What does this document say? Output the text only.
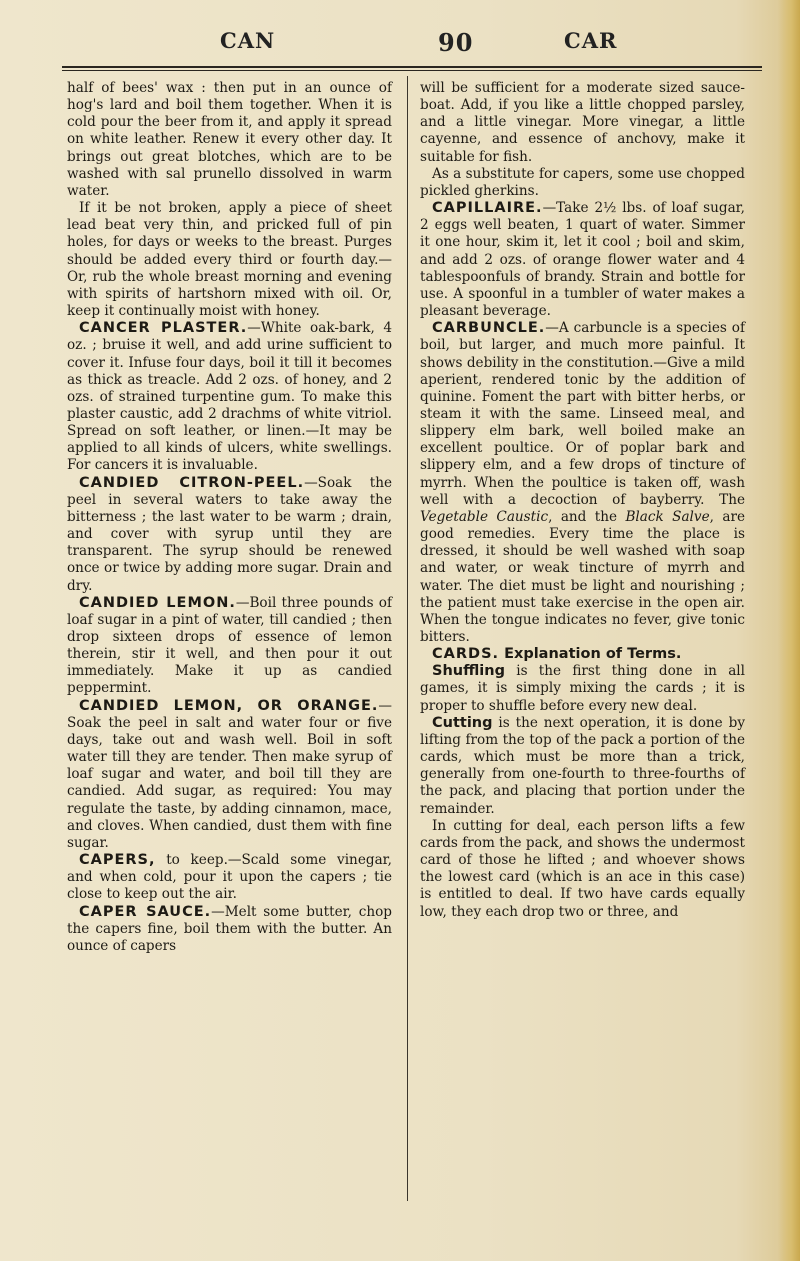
CAN	90	CAR

half of bees' wax : then put in an ounce of hog's lard and boil them together. When it is cold pour the beer from it, and apply it spread on white leather. Renew it every other day. It brings out great blotches, which are to be washed with sal prunello dissolved in warm water.

If it be not broken, apply a piece of sheet lead beat very thin, and pricked full of pin holes, for days or weeks to the breast. Purges should be added every third or fourth day.—Or, rub the whole breast morning and evening with spirits of hartshorn mixed with oil. Or, keep it continually moist with honey.

CANCER PLASTER.—White oak-bark, 4 oz. ; bruise it well, and add urine sufficient to cover it. Infuse four days, boil it till it becomes as thick as treacle. Add 2 ozs. of honey, and 2 ozs. of strained turpentine gum. To make this plaster caustic, add 2 drachms of white vitriol. Spread on soft leather, or linen.—It may be applied to all kinds of ulcers, white swellings. For cancers it is invaluable.

CANDIED CITRON-PEEL.—Soak the peel in several waters to take away the bitterness ; the last water to be warm ; drain, and cover with syrup until they are transparent. The syrup should be renewed once or twice by adding more sugar. Drain and dry.

CANDIED LEMON.—Boil three pounds of loaf sugar in a pint of water, till candied ; then drop sixteen drops of essence of lemon therein, stir it well, and then pour it out immediately. Make it up as candied peppermint.

CANDIED LEMON, OR ORANGE.—Soak the peel in salt and water four or five days, take out and wash well. Boil in soft water till they are tender. Then make syrup of loaf sugar and water, and boil till they are candied. Add sugar, as required: You may regulate the taste, by adding cinnamon, mace, and cloves. When candied, dust them with fine sugar.

CAPERS, to keep.—Scald some vinegar, and when cold, pour it upon the capers ; tie close to keep out the air.

CAPER SAUCE.—Melt some butter, chop the capers fine, boil them with the butter. An ounce of capers

will be sufficient for a moderate sized sauce-boat. Add, if you like a little chopped parsley, and a little vinegar. More vinegar, a little cayenne, and essence of anchovy, make it suitable for fish.

As a substitute for capers, some use chopped pickled gherkins.

CAPILLAIRE.—Take 2½ lbs. of loaf sugar, 2 eggs well beaten, 1 quart of water. Simmer it one hour, skim it, let it cool ; boil and skim, and add 2 ozs. of orange flower water and 4 tablespoonfuls of brandy. Strain and bottle for use. A spoonful in a tumbler of water makes a pleasant beverage.

CARBUNCLE.—A carbuncle is a species of boil, but larger, and much more painful. It shows debility in the constitution.—Give a mild aperient, rendered tonic by the addition of quinine. Foment the part with bitter herbs, or steam it with the same. Linseed meal, and slippery elm bark, well boiled make an excellent poultice. Or of poplar bark and slippery elm, and a few drops of tincture of myrrh. When the poultice is taken off, wash well with a decoction of bayberry. The Vegetable Caustic, and the Black Salve, are good remedies. Every time the place is dressed, it should be well washed with soap and water, or weak tincture of myrrh and water. The diet must be light and nourishing ; the patient must take exercise in the open air. When the tongue indicates no fever, give tonic bitters.

CARDS. Explanation of Terms.

Shuffling is the first thing done in all games, it is simply mixing the cards ; it is proper to shuffle before every new deal.

Cutting is the next operation, it is done by lifting from the top of the pack a portion of the cards, which must be more than a trick, generally from one-fourth to three-fourths of the pack, and placing that portion under the remainder.

In cutting for deal, each person lifts a few cards from the pack, and shows the undermost card of those he lifted ; and whoever shows the lowest card (which is an ace in this case) is entitled to deal. If two have cards equally low, they each drop two or three, and
